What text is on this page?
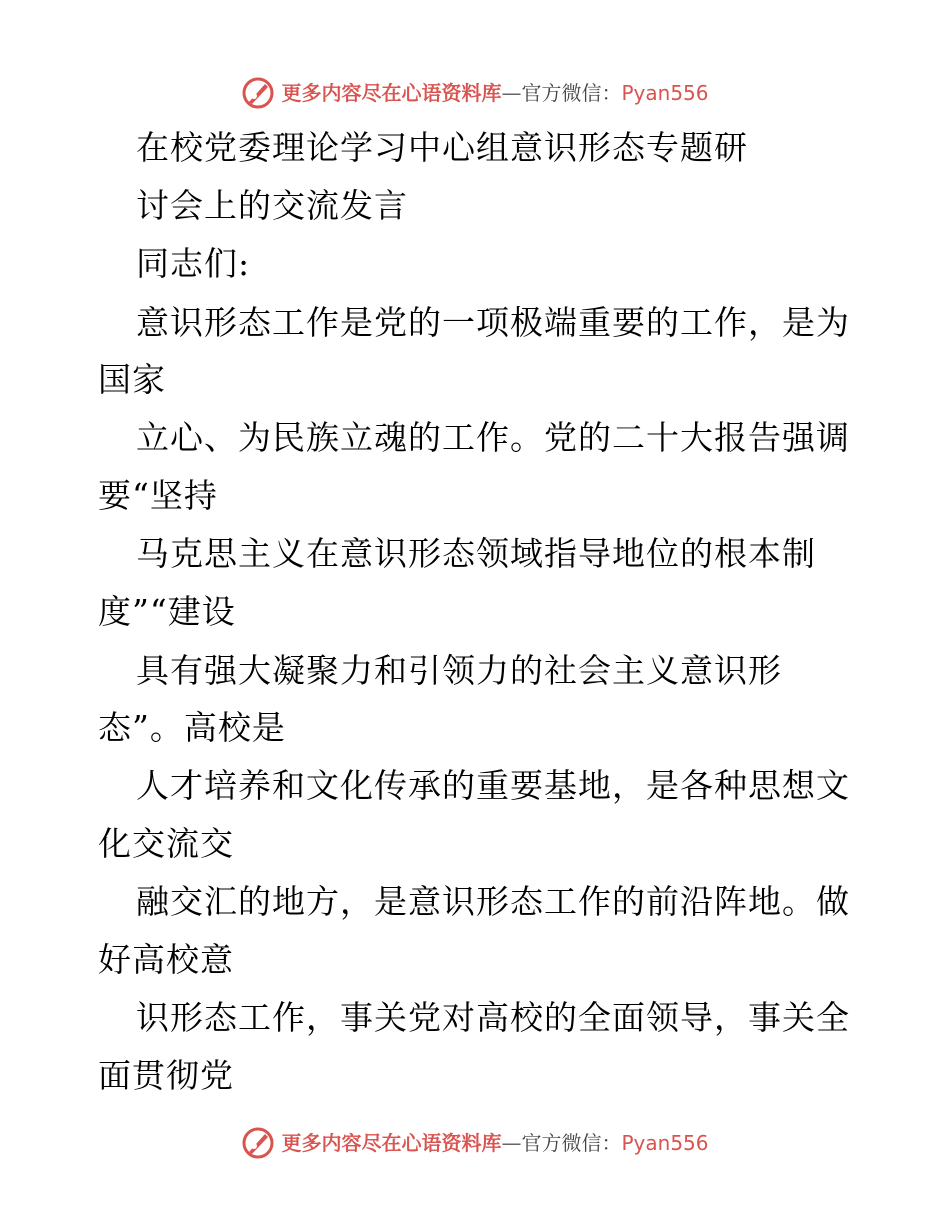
更多内容尽在心语资料库—官方微信：Pyan556
在校党委理论学习中心组意识形态专题研
讨会上的交流发言
同志们:
意识形态工作是党的一项极端重要的工作，是为
国家
立心、为民族立魂的工作。党的二十大报告强调
要“坚持
马克思主义在意识形态领域指导地位的根本制
度”“建设
具有强大凝聚力和引领力的社会主义意识形
态”。高校是
人才培养和文化传承的重要基地，是各种思想文
化交流交
融交汇的地方，是意识形态工作的前沿阵地。做
好高校意
识形态工作，事关党对高校的全面领导，事关全
面贯彻党
更多内容尽在心语资料库—官方微信：Pyan556
